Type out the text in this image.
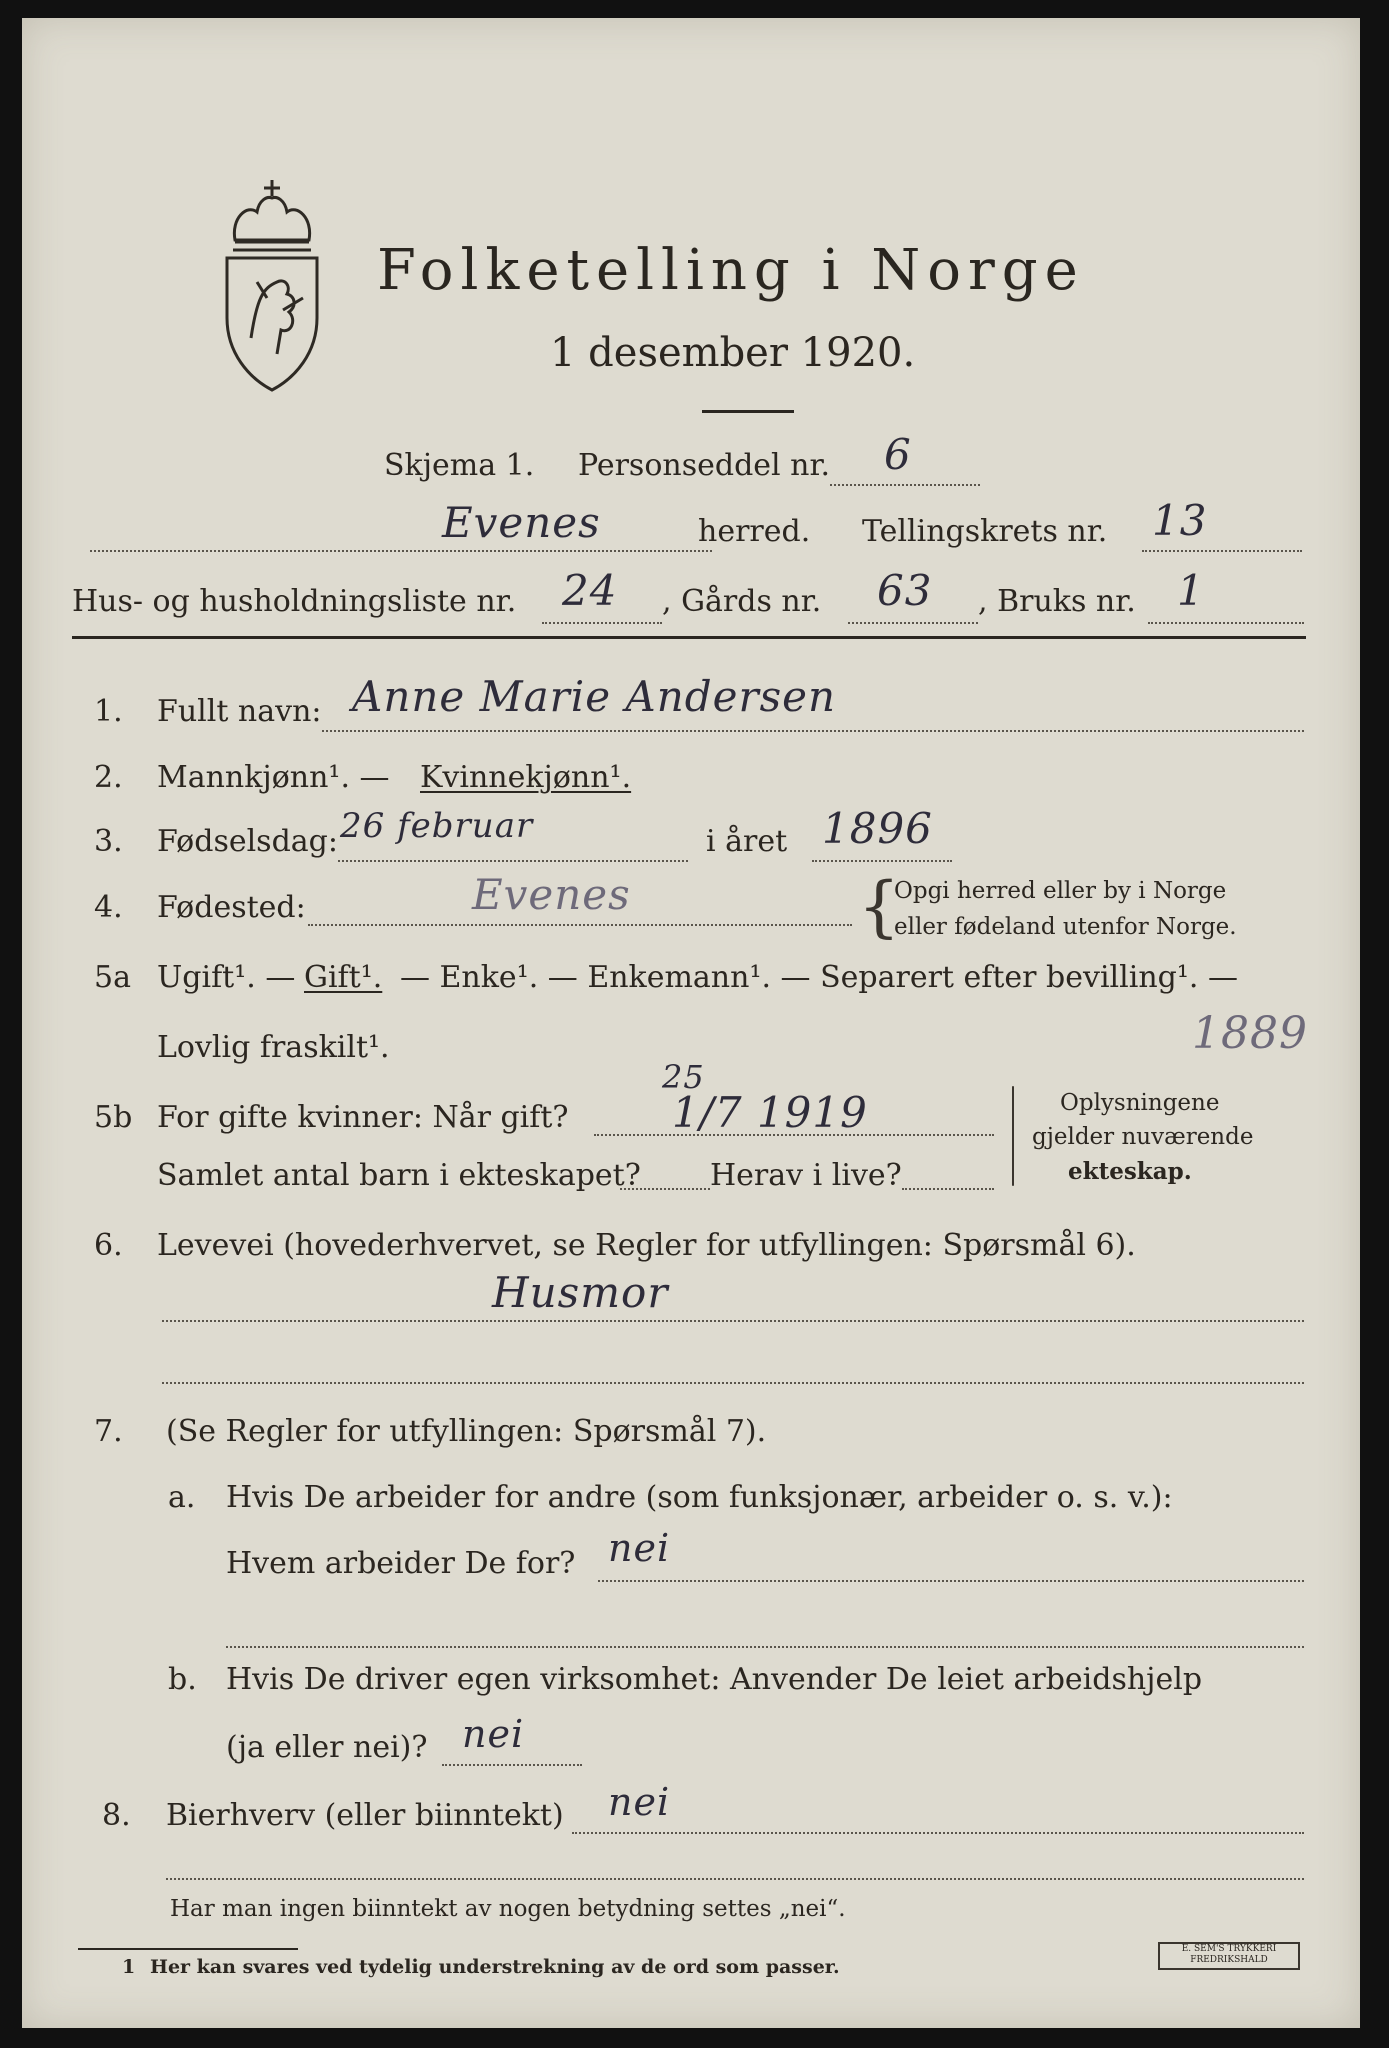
Folketelling i Norge
1 desember 1920.
Skjema 1. Personseddel nr. 6
Evenes	herred. Tellingskrets nr. 13
Hus- og husholdningsliste nr. 24 , Gårds nr. 63 , Bruks nr. 1
1. Fullt navn: Anne Marie Andersen
2. Mannkjønn¹. — Kvinnekjønn¹.
3. Fødselsdag: 26 februar	i året 1896
4. Fødested:	Evenes	{
Opgi herred eller by i Norge
eller fødeland utenfor Norge.
5a Ugift¹. — Gift¹. — Enke¹. — Enkemann¹. — Separert efter bevilling¹. —
Lovlig fraskilt¹.	1889
5b For gifte kvinner: Når gift?
25
1/7 1919
Samlet antal barn i ekteskapet? Herav i live?
Oplysningene
gjelder nuværende
ekteskap.
6. Levevei (hovederhvervet, se Regler for utfyllingen: Spørsmål 6).
Husmor
7. (Se Regler for utfyllingen: Spørsmål 7).
a. Hvis De arbeider for andre (som funksjonær, arbeider o. s. v.):
Hvem arbeider De for? nei
b. Hvis De driver egen virksomhet: Anvender De leiet arbeidshjelp
(ja eller nei)? nei
8. Bierhverv (eller biinntekt) nei
Har man ingen biinntekt av nogen betydning settes „nei“.
1 Her kan svares ved tydelig understrekning av de ord som passer.
E. SEM'S TRYKKERI
FREDRIKSHALD
